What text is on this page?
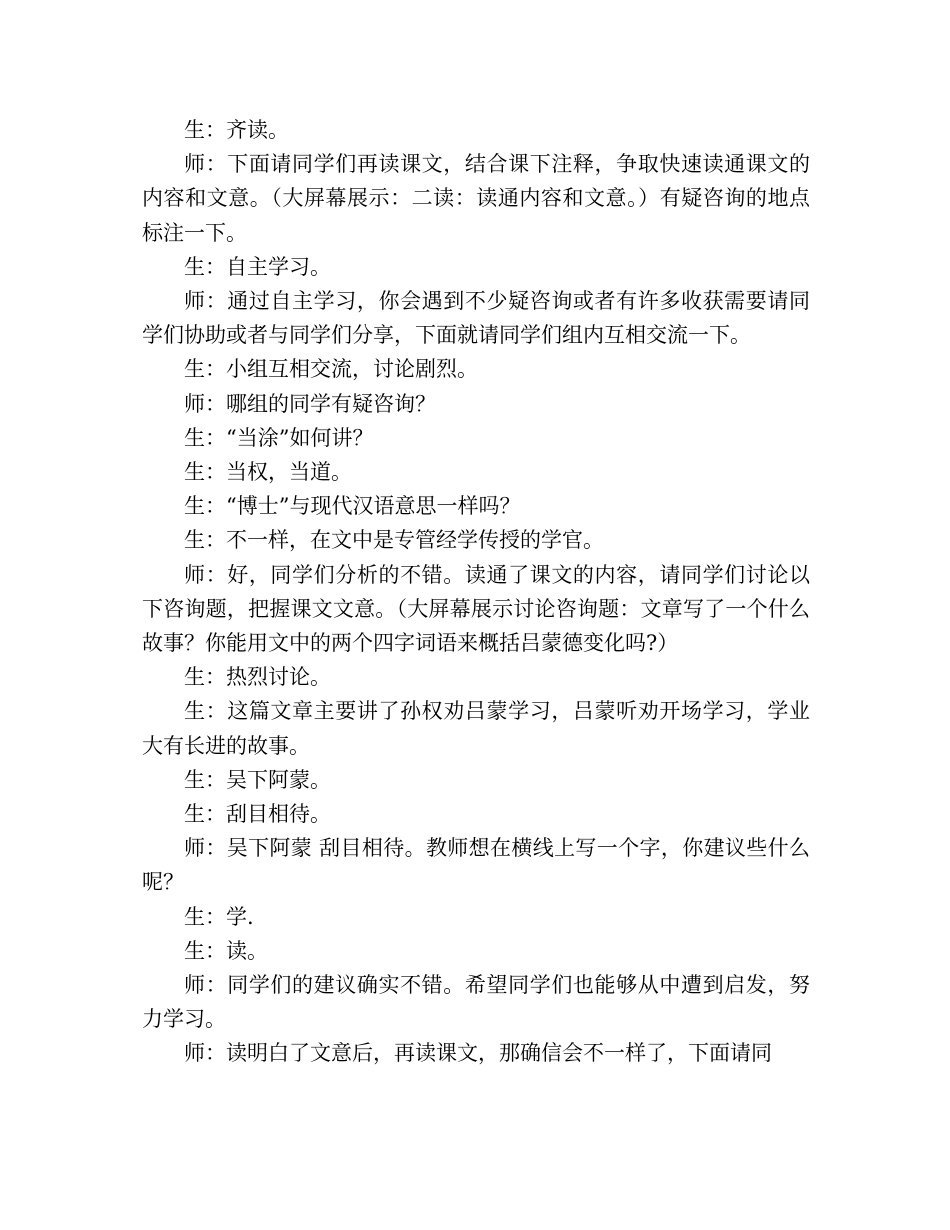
生：齐读。

师：下面请同学们再读课文，结合课下注释，争取快速读通课文的内容和文意。（大屏幕展示：二读：读通内容和文意。）有疑咨询的地点标注一下。

生：自主学习。

师：通过自主学习，你会遇到不少疑咨询或者有许多收获需要请同学们协助或者与同学们分享，下面就请同学们组内互相交流一下。

生：小组互相交流，讨论剧烈。

师：哪组的同学有疑咨询？

生：“当涂”如何讲？

生：当权，当道。

生：“博士”与现代汉语意思一样吗？

生：不一样，在文中是专管经学传授的学官。

师：好，同学们分析的不错。读通了课文的内容，请同学们讨论以下咨询题，把握课文文意。（大屏幕展示讨论咨询题：文章写了一个什么故事？你能用文中的两个四字词语来概括吕蒙德变化吗?）

生：热烈讨论。

生：这篇文章主要讲了孙权劝吕蒙学习，吕蒙听劝开场学习，学业大有长进的故事。

生：吴下阿蒙。

生：刮目相待。

师：吴下阿蒙 刮目相待。教师想在横线上写一个字，你建议些什么呢？

生：学.

生：读。

师：同学们的建议确实不错。希望同学们也能够从中遭到启发，努力学习。

师：读明白了文意后，再读课文，那确信会不一样了，下面请同
